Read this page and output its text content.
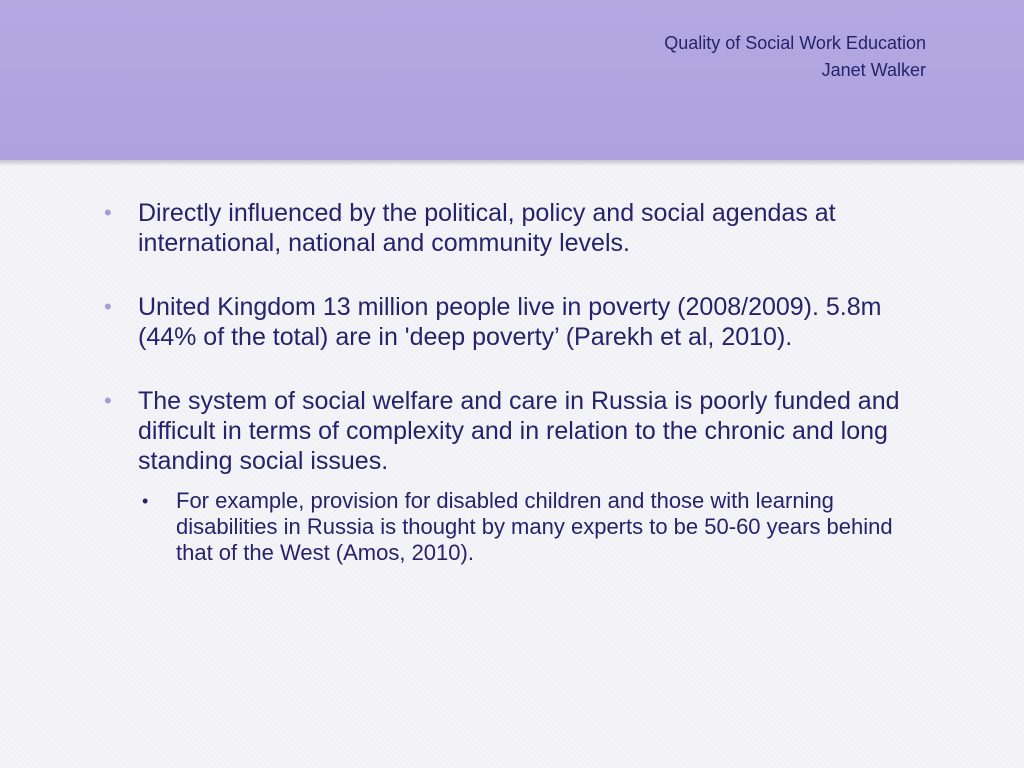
Quality of Social Work Education
Janet Walker
• Directly influenced by the political, policy and social agendas at international, national and community levels.
• United Kingdom 13 million people live in poverty (2008/2009). 5.8m (44% of the total) are in 'deep poverty’ (Parekh et al, 2010).
• The system of social welfare and care in Russia is poorly funded and difficult in terms of complexity and in relation to the chronic and long standing social issues.
• For example, provision for disabled children and those with learning disabilities in Russia is thought by many experts to be 50-60 years behind that of the West (Amos, 2010).
